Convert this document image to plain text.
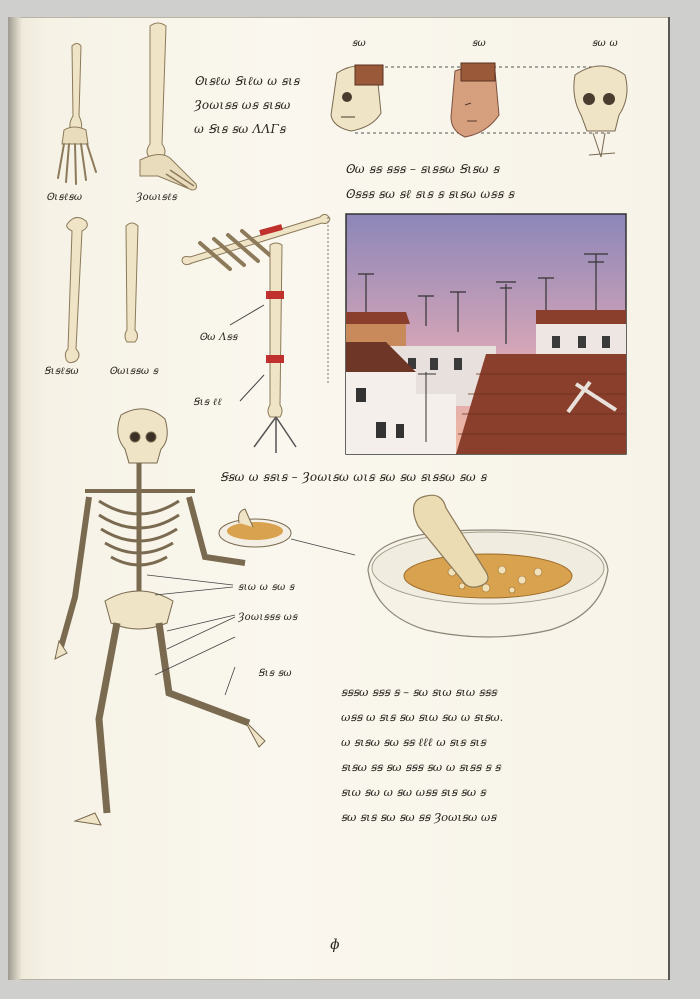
Ꙩιꞩℓꞩω	Ȝoωιꞩℓꞩ
Ꞩιꞩℓꞩω	Ꙩωιꞩꞩω ꞩ
Ꙩιꞩℓω Ꞩιℓω ω ꞩιꞩ
Ȝoωιꞩꞩ ωꞩ ꞩιꞩω
ω Ꞩιꞩ ꞩω ΛΛΓꞩ
ꞩω	ꞩω	ꞩω ω
Ꙩω ꞩꞩ ꞩꞩꞩ – ꞩιꞩꞩω Ꞩιꞩω ꞩ
Ꙩꞩꞩꞩ ꞩω ꞩℓ ꞩιꞩ ꞩ ꞩιꞩω ωꞩꞩ ꞩ
Ꙩω Λꞩꞩ
Ꞩιꞩ ℓℓ
Ꞩꞩω ω ꞩꞩιꞩ – Ȝoωιꞩω ωιꞩ ꞩω ꞩω ꞩιꞩꞩω ꞩω ꞩ
ꞩιω ω ꞩω ꞩ
Ȝoωιꞩꞩꞩ ωꞩ
Ꞩιꞩ ꞩω
ꞩꞩꞩω ꞩꞩꞩ ꞩ – ꞩω ꞩιω ꞩιω ꞩꞩꞩ
ωꞩꞩ ω ꞩιꞩ ꞩω ꞩιω ꞩω ω ꞩιꞩω.
ω ꞩιꞩω ꞩω ꞩꞩ ℓℓℓ ω ꞩιꞩ ꞩιꞩ
ꞩιꞩω ꞩꞩ ꞩω ꞩꞩꞩ ꞩω ω ꞩιꞩꞩ ꞩ ꞩ
ꞩιω ꞩω ω ꞩω ωꞩꞩ ꞩιꞩ ꞩω ꞩ
ꞩω ꞩιꞩ ꞩω ꞩω ꞩꞩ Ȝoωιꞩω ωꞩ
ɸ
